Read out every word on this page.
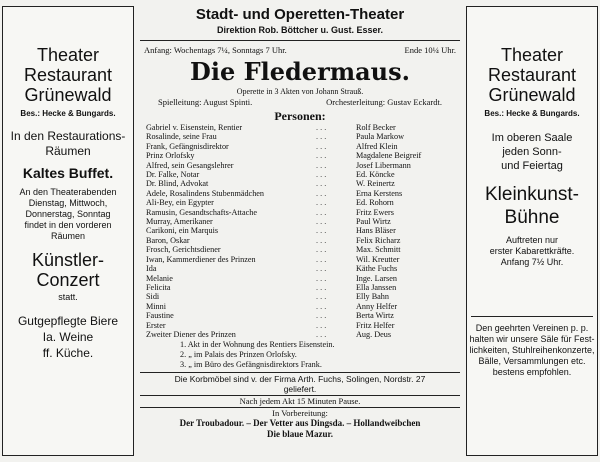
Theater
Restaurant
Grünewald
Bes.: Hecke & Bungards.
In den Restaurations-
Räumen
Kaltes Buffet.
An den Theaterabenden
Dienstag, Mittwoch,
Donnerstag, Sonntag
findet in den vorderen
Räumen
Künstler-
Conzert
statt.
Gutgepflegte Biere
Ia. Weine
ff. Küche.
Stadt- und Operetten-Theater
Direktion Rob. Böttcher u. Gust. Esser.
Anfang: Wochentags 7¼, Sonntags 7 Uhr.	Ende 10¼ Uhr.
Die Fledermaus.
Operette in 3 Akten von Johann Strauß.
Spielleitung: August Spinti.	Orchesterleitung: Gustav Eckardt.
Personen:
Gabriel v. Eisenstein, Rentier	. . .	Rolf Becker
Rosalinde, seine Frau	. . .	Paula Markow
Frank, Gefängnisdirektor	. . .	Alfred Klein
Prinz Orlofsky	. . .	Magdalene Beigreif
Alfred, sein Gesangslehrer	. . .	Josef Libermann
Dr. Falke, Notar	. . .	Ed. Köncke
Dr. Blind, Advokat	. . .	W. Reinertz
Adele, Rosalindens Stubenmädchen	. . .	Erna Kerstens
Ali-Bey, ein Egypter	. . .	Ed. Rohorn
Ramusin, Gesandtschafts-Attache	. . .	Fritz Ewers
Murray, Amerikaner	. . .	Paul Wirtz
Carikoni, ein Marquis	. . .	Hans Bläser
Baron, Oskar	. . .	Felix Richarz
Frosch, Gerichtsdiener	. . .	Max. Schmitt
Iwan, Kammerdiener des Prinzen	. . .	Wil. Kreutter
Ida	. . .	Käthe Fuchs
Melanie	. . .	Inge. Larsen
Felicita	. . .	Ella Janssen
Sidi	. . .	Elly Bahn
Minni	. . .	Anny Helfer
Faustine	. . .	Berta Wirtz
Erster	. . .	Fritz Helfer
Zweiter Diener des Prinzen	. . .	Aug. Deus
1. Akt in der Wohnung des Rentiers Eisenstein.
2. „ im Palais des Prinzen Orlofsky.
3. „ im Büro des Gefängnisdirektors Frank.
Die Korbmöbel sind v. der Firma Arth. Fuchs, Solingen, Nordstr. 27
geliefert.
Nach jedem Akt 15 Minuten Pause.
In Vorbereitung:
Der Troubadour. – Der Vetter aus Dingsda. – Hollandweibchen
Die blaue Mazur.
Theater
Restaurant
Grünewald
Bes.: Hecke & Bungards.
Im oberen Saale
jeden Sonn-
und Feiertag
Kleinkunst-
Bühne
Auftreten nur
erster Kabarettkräfte.
Anfang 7½ Uhr.
Den geehrten Vereinen p. p.
halten wir unsere Säle für Fest-
lichkeiten, Stuhlreihenkonzerte,
Bälle, Versammlungen etc.
bestens empfohlen.
